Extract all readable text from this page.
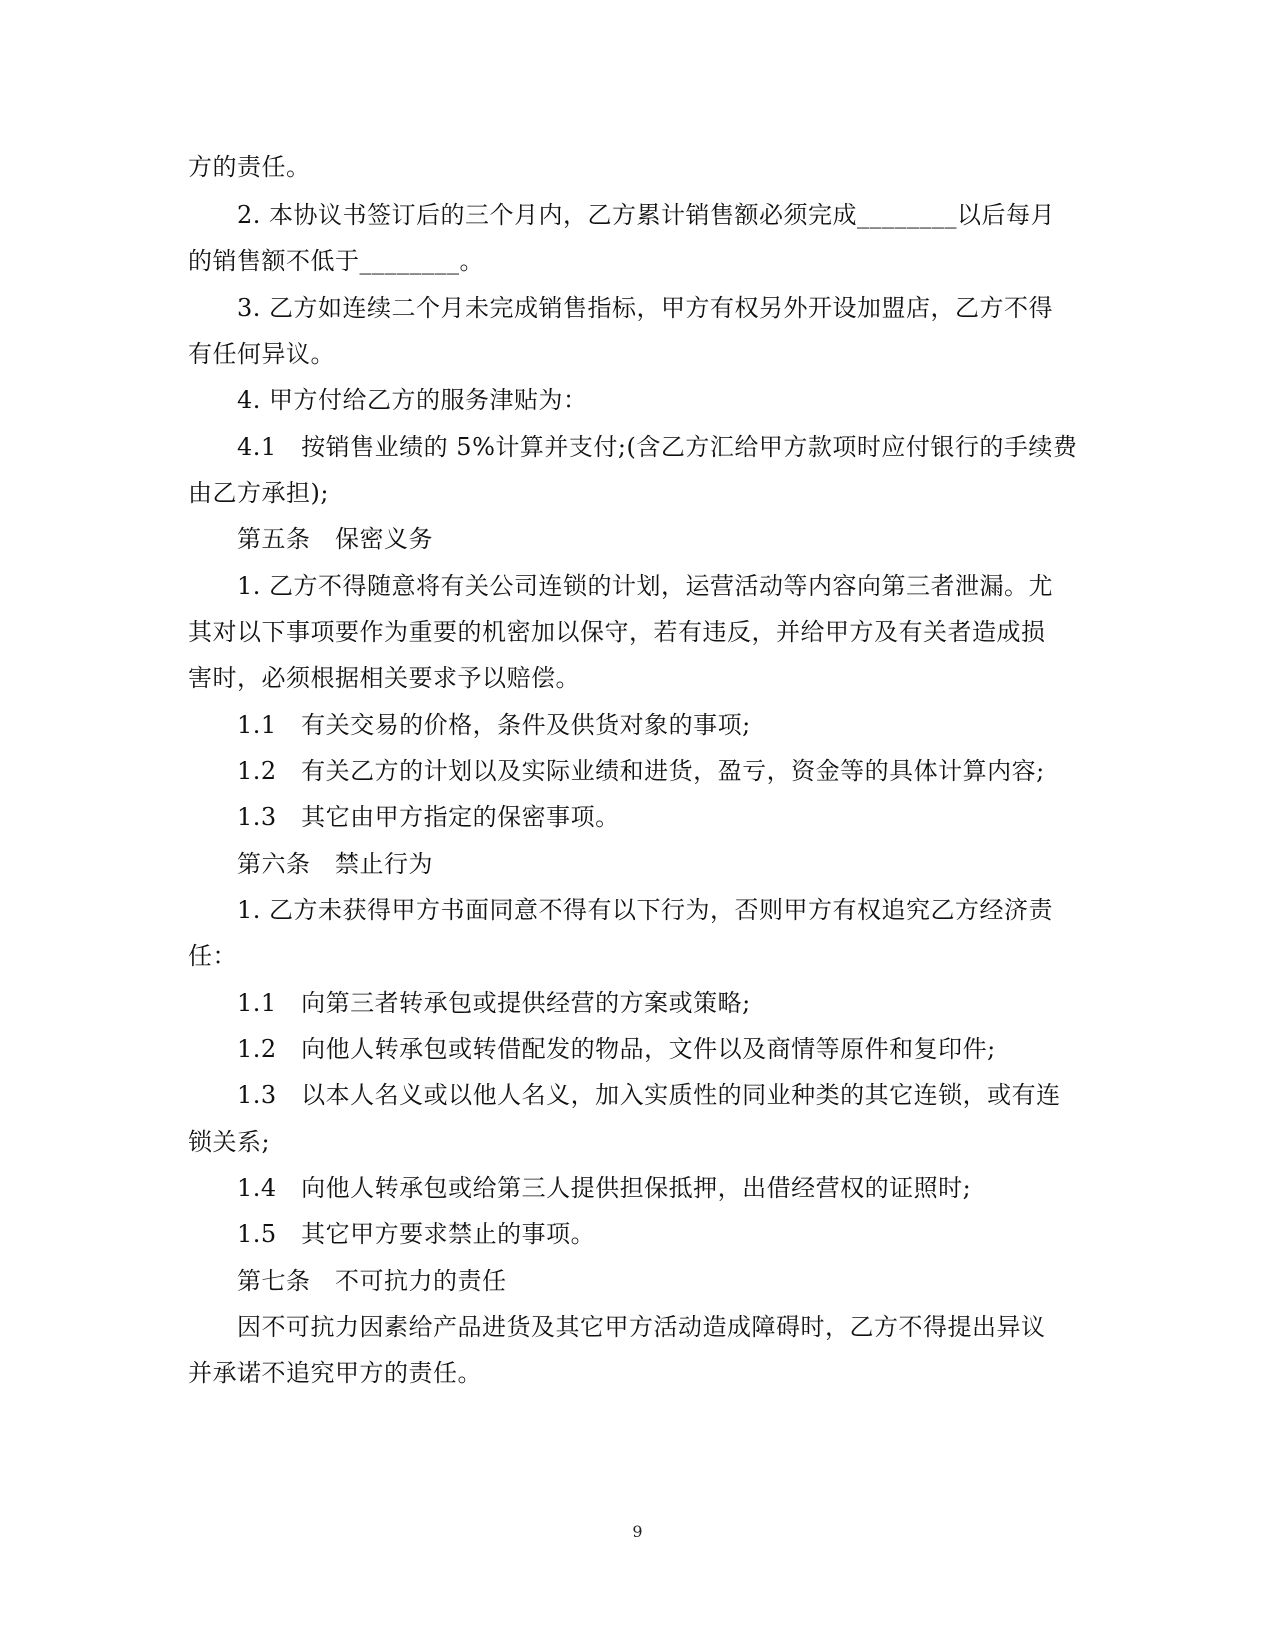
方的责任。
2. 本协议书签订后的三个月内，乙方累计销售额必须完成________以后每月
的销售额不低于________。
3. 乙方如连续二个月未完成销售指标，甲方有权另外开设加盟店，乙方不得
有任何异议。
4. 甲方付给乙方的服务津贴为：
4.1　按销售业绩的 5%计算并支付;(含乙方汇给甲方款项时应付银行的手续费
由乙方承担);
第五条　保密义务
1. 乙方不得随意将有关公司连锁的计划，运营活动等内容向第三者泄漏。尤
其对以下事项要作为重要的机密加以保守，若有违反，并给甲方及有关者造成损
害时，必须根据相关要求予以赔偿。
1.1　有关交易的价格，条件及供货对象的事项;
1.2　有关乙方的计划以及实际业绩和进货，盈亏，资金等的具体计算内容;
1.3　其它由甲方指定的保密事项。
第六条　禁止行为
1. 乙方未获得甲方书面同意不得有以下行为，否则甲方有权追究乙方经济责
任：
1.1　向第三者转承包或提供经营的方案或策略;
1.2　向他人转承包或转借配发的物品，文件以及商情等原件和复印件;
1.3　以本人名义或以他人名义，加入实质性的同业种类的其它连锁，或有连
锁关系;
1.4　向他人转承包或给第三人提供担保抵押，出借经营权的证照时;
1.5　其它甲方要求禁止的事项。
第七条　不可抗力的责任
因不可抗力因素给产品进货及其它甲方活动造成障碍时，乙方不得提出异议
并承诺不追究甲方的责任。
9
